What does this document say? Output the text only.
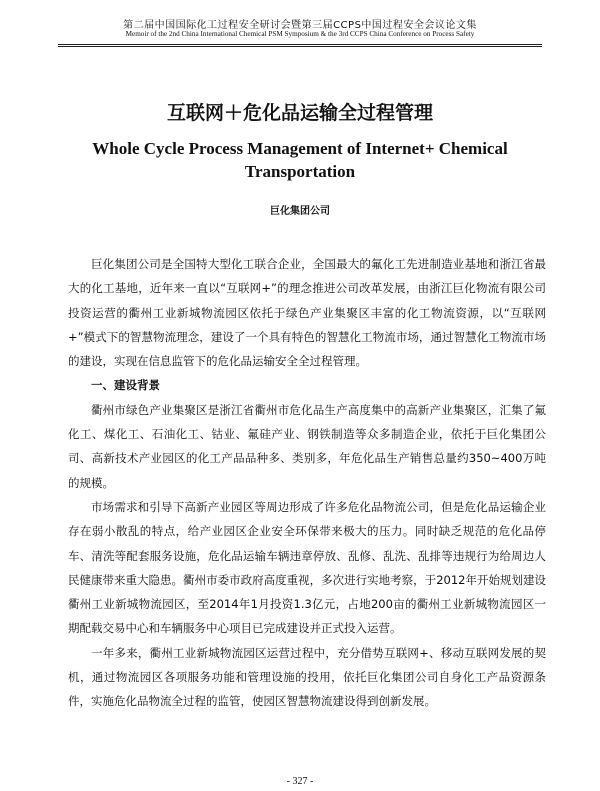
第二届中国国际化工过程安全研讨会暨第三届CCPS中国过程安全会议论文集
Memoir of the 2nd China International Chemical PSM Symposium & the 3rd CCPS China Conference on Process Safety
互联网＋危化品运输全过程管理
Whole Cycle Process Management of Internet+ Chemical Transportation
巨化集团公司

巨化集团公司是全国特大型化工联合企业，全国最大的氟化工先进制造业基地和浙江省最大的化工基地，近年来一直以“互联网+”的理念推进公司改革发展，由浙江巨化物流有限公司投资运营的衢州工业新城物流园区依托于绿色产业集聚区丰富的化工物流资源，以“互联网+”模式下的智慧物流理念，建设了一个具有特色的智慧化工物流市场，通过智慧化工物流市场的建设，实现在信息监管下的危化品运输安全全过程管理。

一、建设背景

衢州市绿色产业集聚区是浙江省衢州市危化品生产高度集中的高新产业集聚区，汇集了氟化工、煤化工、石油化工、钴业、氟硅产业、钢铁制造等众多制造企业，依托于巨化集团公司、高新技术产业园区的化工产品品种多、类别多，年危化品生产销售总量约350~400万吨的规模。

市场需求和引导下高新产业园区等周边形成了许多危化品物流公司，但是危化品运输企业存在弱小散乱的特点，给产业园区企业安全环保带来极大的压力。同时缺乏规范的危化品停车、清洗等配套服务设施，危化品运输车辆违章停放、乱修、乱洗、乱排等违规行为给周边人民健康带来重大隐患。衢州市委市政府高度重视，多次进行实地考察，于2012年开始规划建设衢州工业新城物流园区，至2014年1月投资1.3亿元，占地200亩的衢州工业新城物流园区一期配载交易中心和车辆服务中心项目已完成建设并正式投入运营。

一年多来，衢州工业新城物流园区运营过程中，充分借势互联网+、移动互联网发展的契机，通过物流园区各项服务功能和管理设施的投用，依托巨化集团公司自身化工产品资源条件，实施危化品物流全过程的监管，使园区智慧物流建设得到创新发展。

- 327 -
